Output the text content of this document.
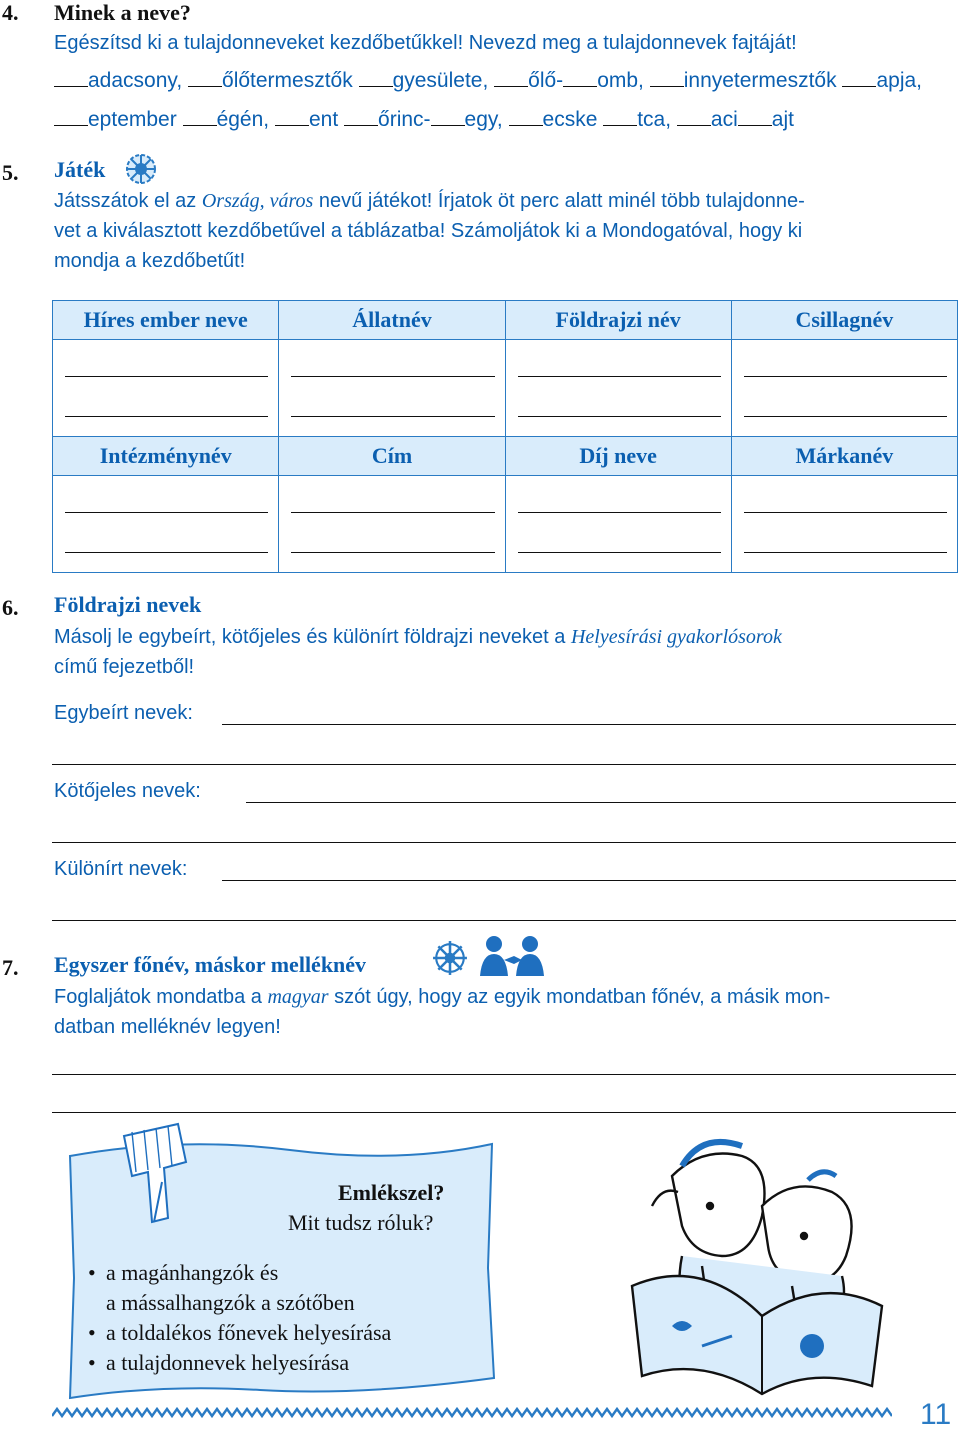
4. Minek a neve?

Egészítsd ki a tulajdonneveket kezdőbetűkkel! Nevezd meg a tulajdonnevek fajtáját!

adacsony, őlőtermesztők gyesülete, őlő- omb, innyetermesztők apja,
eptember égén, ent őrinc- egy, ecske tca, aci ajt
5. Játék
Játsszátok el az Ország, város nevű játékot! Írjatok öt perc alatt minél több tulajdonne-
vet a kiválasztott kezdőbetűvel a táblázatba! Számoljátok ki a Mondogatóval, hogy ki
mondja a kezdőbetűt!
Híres ember neve	Állatnév	Földrajzi név	Csillagnév

Intézménynév	Cím	Díj neve	Márkanév

6. Földrajzi nevek
Másolj le egybeírt, kötőjeles és különírt földrajzi neveket a Helyesírási gyakorlósorok
című fejezetből!
Egybeírt nevek:
Kötőjeles nevek:
Különírt nevek:
7. Egyszer főnév, máskor melléknév
Foglaljátok mondatba a magyar szót úgy, hogy az egyik mondatban főnév, a másik mon-
datban melléknév legyen!
Emlékszel?
Mit tudsz róluk?
• a magánhangzók és
a mássalhangzók a szótőben
• a toldalékos főnevek helyesírása
• a tulajdonnevek helyesírása
11
